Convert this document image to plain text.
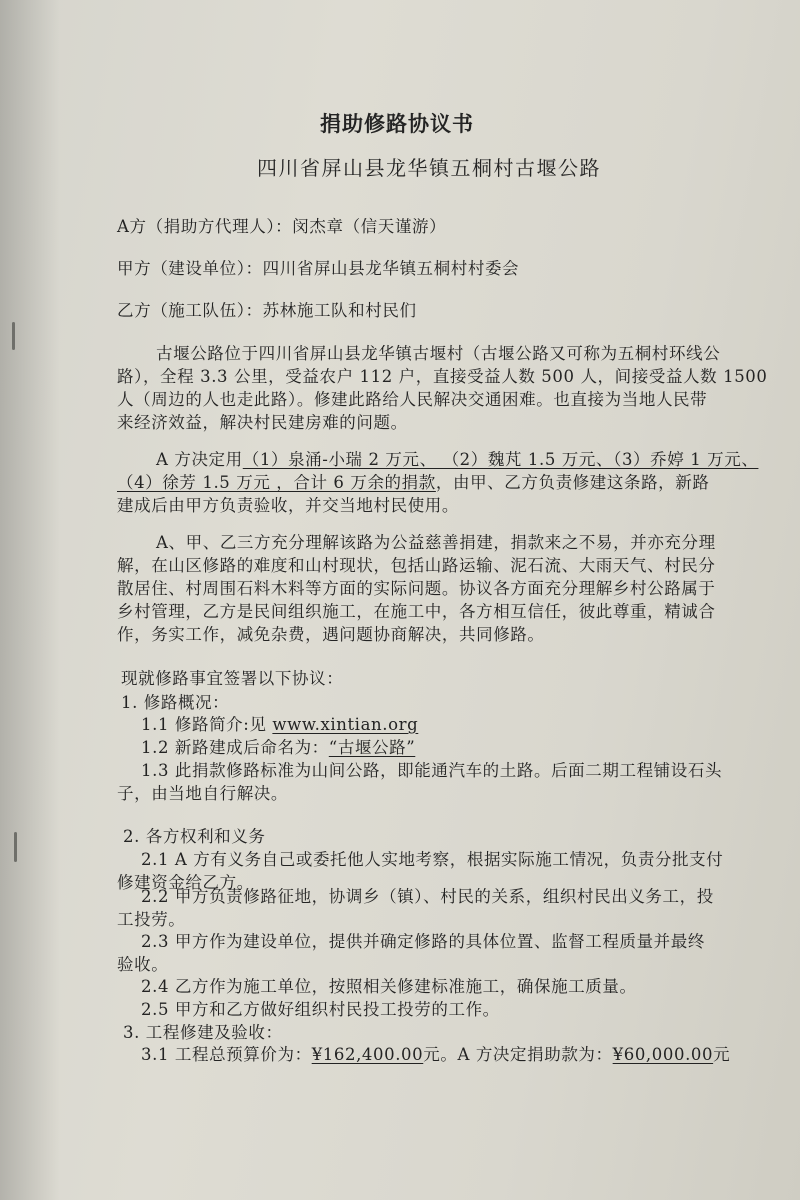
捐助修路协议书
四川省屏山县龙华镇五桐村古堰公路
A方（捐助方代理人）：闵杰章（信天谨游）
甲方（建设单位）：四川省屏山县龙华镇五桐村村委会
乙方（施工队伍）：苏林施工队和村民们
古堰公路位于四川省屏山县龙华镇古堰村（古堰公路又可称为五桐村环线公
路），全程 3.3 公里，受益农户 112 户，直接受益人数 500 人，间接受益人数 1500
人（周边的人也走此路）。修建此路给人民解决交通困难。也直接为当地人民带
来经济效益，解决村民建房难的问题。
A 方决定用（1）泉涌-小瑞 2 万元、 （2）魏芃 1.5 万元、（3）乔婷 1 万元、
（4）徐芳 1.5 万元 ，合计 6 万余的捐款，由甲、乙方负责修建这条路，新路
建成后由甲方负责验收，并交当地村民使用。
A、甲、乙三方充分理解该路为公益慈善捐建，捐款来之不易，并亦充分理
解，在山区修路的难度和山村现状，包括山路运输、泥石流、大雨天气、村民分
散居住、村周围石料木料等方面的实际问题。协议各方面充分理解乡村公路属于
乡村管理，乙方是民间组织施工，在施工中，各方相互信任，彼此尊重，精诚合
作，务实工作，减免杂费，遇问题协商解决，共同修路。
现就修路事宜签署以下协议：
1. 修路概况：
1.1 修路简介:见 www.xintian.org
1.2 新路建成后命名为：“古堰公路”
1.3 此捐款修路标准为山间公路，即能通汽车的土路。后面二期工程铺设石头
子，由当地自行解决。
2. 各方权利和义务
2.1 A 方有义务自己或委托他人实地考察，根据实际施工情况，负责分批支付
修建资金给乙方。
2.2 甲方负责修路征地，协调乡（镇）、村民的关系，组织村民出义务工，投
工投劳。
2.3 甲方作为建设单位，提供并确定修路的具体位置、监督工程质量并最终
验收。
2.4 乙方作为施工单位，按照相关修建标准施工，确保施工质量。
2.5 甲方和乙方做好组织村民投工投劳的工作。
3. 工程修建及验收：
3.1 工程总预算价为：¥162,400.00元。A 方决定捐助款为：¥60,000.00元
